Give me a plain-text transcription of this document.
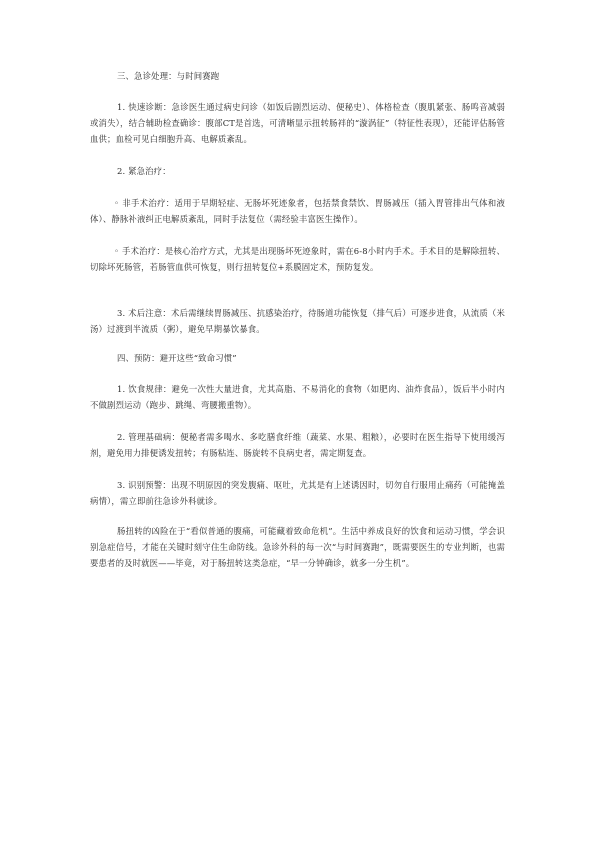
三、急诊处理：与时间赛跑

1. 快速诊断：急诊医生通过病史问诊（如饭后剧烈运动、便秘史）、体格检查（腹肌紧张、肠鸣音减弱或消失），结合辅助检查确诊：腹部CT是首选，可清晰显示扭转肠袢的“漩涡征”（特征性表现），还能评估肠管血供；血检可见白细胞升高、电解质紊乱。

2. 紧急治疗：

◦ 非手术治疗：适用于早期轻症、无肠坏死迹象者，包括禁食禁饮、胃肠减压（插入胃管排出气体和液体）、静脉补液纠正电解质紊乱，同时手法复位（需经验丰富医生操作）。

◦ 手术治疗：是核心治疗方式，尤其是出现肠坏死迹象时，需在6-8小时内手术。手术目的是解除扭转、切除坏死肠管，若肠管血供可恢复，则行扭转复位+系膜固定术，预防复发。

3. 术后注意：术后需继续胃肠减压、抗感染治疗，待肠道功能恢复（排气后）可逐步进食，从流质（米汤）过渡到半流质（粥），避免早期暴饮暴食。

四、预防：避开这些“致命习惯”

1. 饮食规律：避免一次性大量进食，尤其高脂、不易消化的食物（如肥肉、油炸食品），饭后半小时内不做剧烈运动（跑步、跳绳、弯腰搬重物）。

2. 管理基础病：便秘者需多喝水、多吃膳食纤维（蔬菜、水果、粗粮），必要时在医生指导下使用缓泻剂，避免用力排便诱发扭转；有肠粘连、肠旋转不良病史者，需定期复查。

3. 识别预警：出现不明原因的突发腹痛、呕吐，尤其是有上述诱因时，切勿自行服用止痛药（可能掩盖病情），需立即前往急诊外科就诊。

肠扭转的凶险在于“看似普通的腹痛，可能藏着致命危机”。生活中养成良好的饮食和运动习惯，学会识别急症信号，才能在关键时刻守住生命防线。急诊外科的每一次“与时间赛跑”，既需要医生的专业判断，也需要患者的及时就医——毕竟，对于肠扭转这类急症，“早一分钟确诊，就多一分生机”。
